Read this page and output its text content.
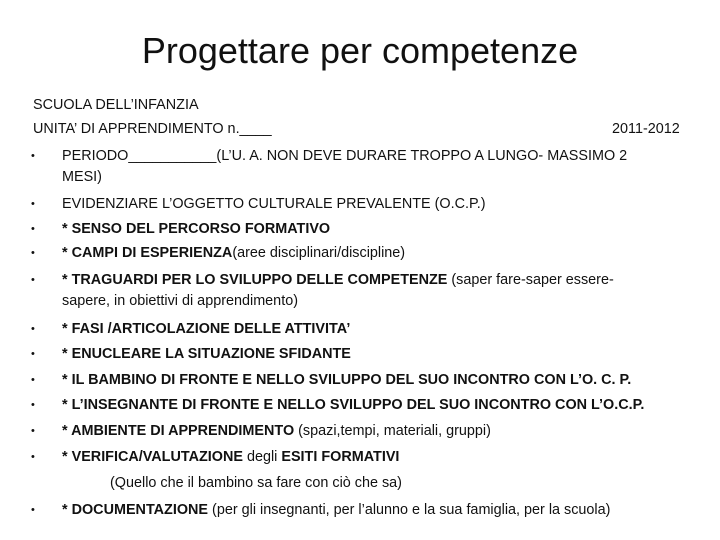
Progettare per competenze
SCUOLA DELL’INFANZIA
UNITA’ DI APPRENDIMENTO n.____	2011-2012
• PERIODO___________(L’U. A. NON DEVE DURARE TROPPO A LUNGO- MASSIMO 2
MESI)
• EVIDENZIARE L’OGGETTO CULTURALE PREVALENTE (O.C.P.)
• * SENSO DEL PERCORSO FORMATIVO
• * CAMPI DI ESPERIENZA(aree disciplinari/discipline)
• * TRAGUARDI PER LO SVILUPPO DELLE COMPETENZE (saper fare-saper essere-
sapere, in obiettivi di apprendimento)
• * FASI /ARTICOLAZIONE DELLE ATTIVITA’
• * ENUCLEARE LA SITUAZIONE SFIDANTE
• * IL BAMBINO DI FRONTE E NELLO SVILUPPO DEL SUO INCONTRO CON L’O. C. P.
• * L’INSEGNANTE DI FRONTE E NELLO SVILUPPO DEL SUO INCONTRO CON L’O.C.P.
• * AMBIENTE DI APPRENDIMENTO (spazi,tempi, materiali, gruppi)
• * VERIFICA/VALUTAZIONE degli ESITI FORMATIVI
• * DOCUMENTAZIONE (per gli insegnanti, per l’alunno e la sua famiglia, per la scuola)
(Quello che il bambino sa fare con ciò che sa)
